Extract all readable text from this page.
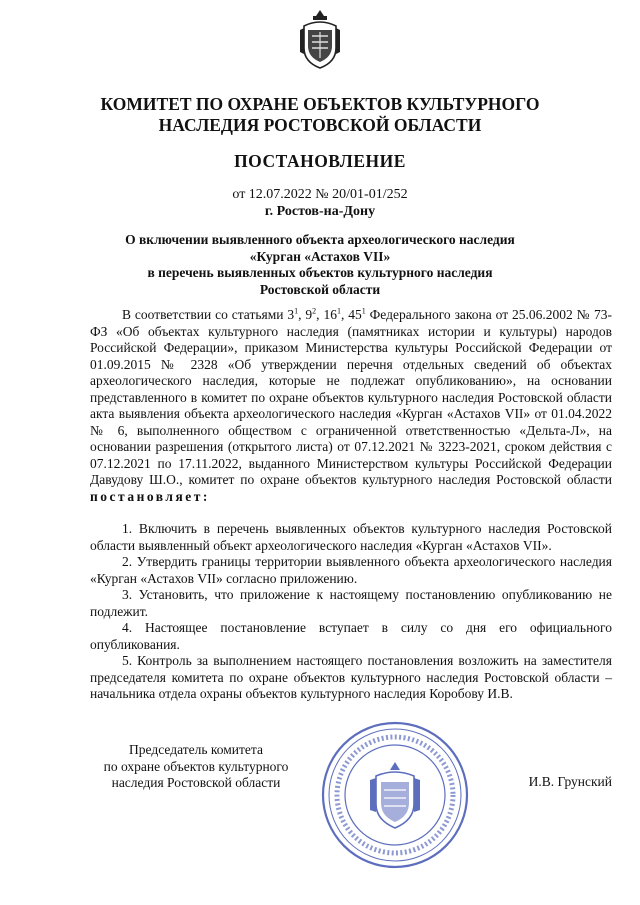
КОМИТЕТ ПО ОХРАНЕ ОБЪЕКТОВ КУЛЬТУРНОГО
НАСЛЕДИЯ РОСТОВСКОЙ ОБЛАСТИ
ПОСТАНОВЛЕНИЕ
от 12.07.2022 № 20/01-01/252
г. Ростов-на-Дону
О включении выявленного объекта археологического наследия
«Курган «Астахов VII»
в перечень выявленных объектов культурного наследия
Ростовской области

В соответствии со статьями $3^1$, $9^2$, $16^1$, $45^1$ Федерального закона от 25.06.2002 № 73-ФЗ «Об объектах культурного наследия (памятниках истории и культуры) народов Российской Федерации», приказом Министерства культуры Российской Федерации от 01.09.2015 № 2328 «Об утверждении перечня отдельных сведений об объектах археологического наследия, которые не подлежат опубликованию», на основании представленного в комитет по охране объектов культурного наследия Ростовской области акта выявления объекта археологического наследия «Курган «Астахов VII» от 01.04.2022 № 6, выполненного обществом с ограниченной ответственностью «Дельта-Л», на основании разрешения (открытого листа) от 07.12.2021 № 3223-2021, сроком действия с 07.12.2021 по 17.11.2022, выданного Министерством культуры Российской Федерации Давудову Ш.О., комитет по охране объектов культурного наследия Ростовской области постановляет:

1. Включить в перечень выявленных объектов культурного наследия Ростовской области выявленный объект археологического наследия «Курган «Астахов VII».

2. Утвердить границы территории выявленного объекта археологического наследия «Курган «Астахов VII» согласно приложению.

3. Установить, что приложение к настоящему постановлению опубликованию не подлежит.

4. Настоящее постановление вступает в силу со дня его официального опубликования.

5. Контроль за выполнением настоящего постановления возложить на заместителя председателя комитета по охране объектов культурного наследия Ростовской области – начальника отдела охраны объектов культурного наследия Коробову И.В.

Председатель комитета
по охране объектов культурного
наследия Ростовской области	И.В. Грунский
